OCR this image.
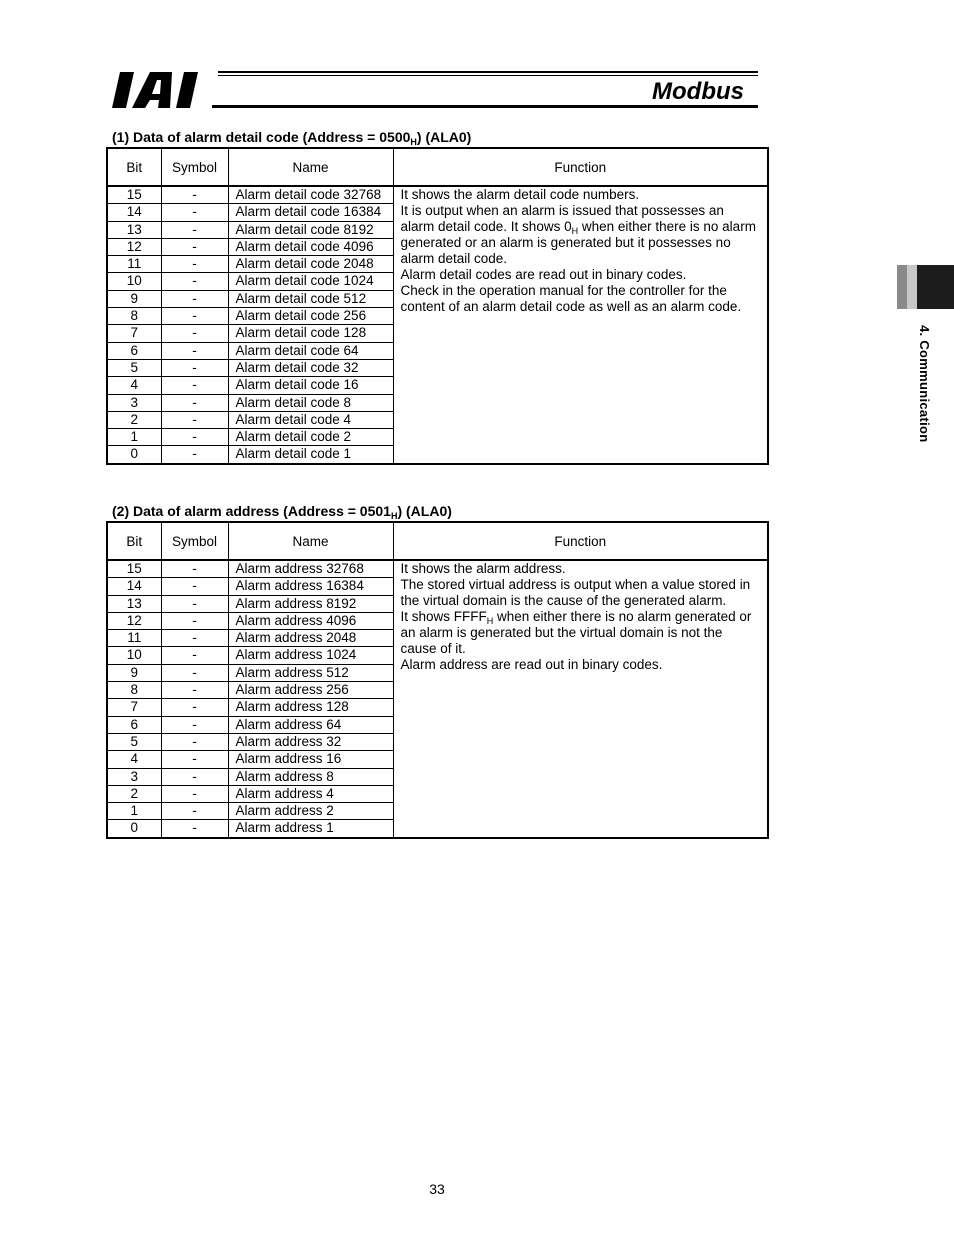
Modbus
4. Communication
(1) Data of alarm detail code (Address = $0500_H$) (ALA0)
Bit	Symbol	Name	Function
15	-	Alarm detail code 32768	It shows the alarm detail code numbers.
It is output when an alarm is issued that possesses an alarm detail code. It shows $0_H$ when either there is no alarm generated or an alarm is generated but it possesses no alarm detail code.
Alarm detail codes are read out in binary codes.
Check in the operation manual for the controller for the content of an alarm detail code as well as an alarm code.

14	-	Alarm detail code 16384	
13	-	Alarm detail code 8192	
12	-	Alarm detail code 4096	
11	-	Alarm detail code 2048	
10	-	Alarm detail code 1024	
9	-	Alarm detail code 512	
8	-	Alarm detail code 256	
7	-	Alarm detail code 128	
6	-	Alarm detail code 64	
5	-	Alarm detail code 32	
4	-	Alarm detail code 16	
3	-	Alarm detail code 8	
2	-	Alarm detail code 4	
1	-	Alarm detail code 2	
0	-	Alarm detail code 1	
(2) Data of alarm address (Address = $0501_H$) (ALA0)
Bit	Symbol	Name	Function
15	-	Alarm address 32768	It shows the alarm address.
The stored virtual address is output when a value stored in the virtual domain is the cause of the generated alarm.
It shows $FFFF_H$ when either there is no alarm generated or an alarm is generated but the virtual domain is not the cause of it.
Alarm address are read out in binary codes.

14	-	Alarm address 16384	
13	-	Alarm address 8192	
12	-	Alarm address 4096	
11	-	Alarm address 2048	
10	-	Alarm address 1024	
9	-	Alarm address 512	
8	-	Alarm address 256	
7	-	Alarm address 128	
6	-	Alarm address 64	
5	-	Alarm address 32	
4	-	Alarm address 16	
3	-	Alarm address 8	
2	-	Alarm address 4	
1	-	Alarm address 2	
0	-	Alarm address 1	
33
